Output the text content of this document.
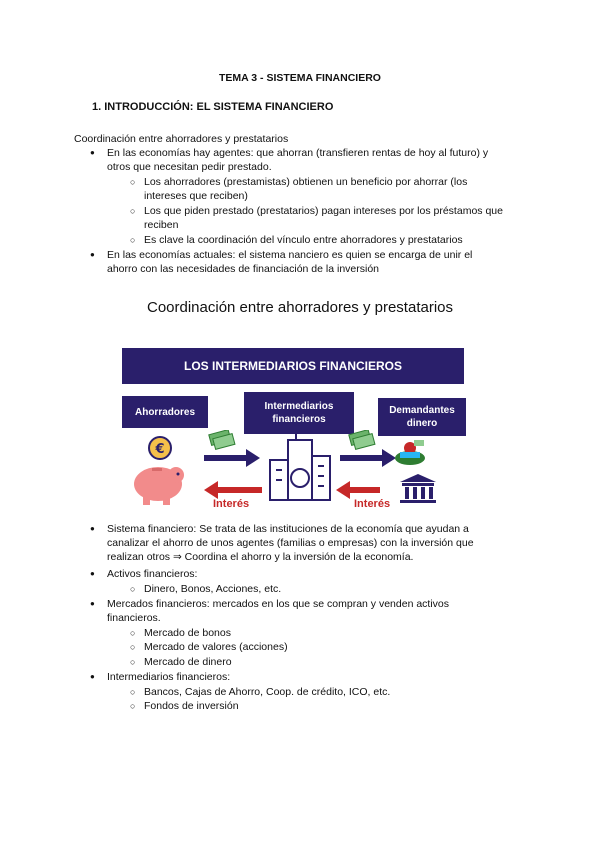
TEMA 3 - SISTEMA FINANCIERO
1. INTRODUCCIÓN: EL SISTEMA FINANCIERO
Coordinación entre ahorradores y prestatarios
● En las economías hay agentes: que ahorran (transfieren rentas de hoy al futuro) y
otros que necesitan pedir prestado.
○ Los ahorradores (prestamistas) obtienen un beneficio por ahorrar (los
intereses que reciben)
○ Los que piden prestado (prestatarios) pagan intereses por los préstamos que
reciben
○ Es clave la coordinación del vínculo entre ahorradores y prestatarios
● En las economías actuales: el sistema nanciero es quien se encarga de unir el
ahorro con las necesidades de financiación de la inversión
Coordinación entre ahorradores y prestatarios
LOS INTERMEDIARIOS FINANCIEROS
Ahorradores	Intermediarios
financieros
Demandantes
dinero
€
Interés	Interés
● Sistema financiero: Se trata de las instituciones de la economía que ayudan a
canalizar el ahorro de unos agentes (familias o empresas) con la inversión que
realizan otros ⇒ Coordina el ahorro y la inversión de la economía.
● Activos financieros:
○ Dinero, Bonos, Acciones, etc.
● Mercados financieros: mercados en los que se compran y venden activos
financieros.
○ Mercado de bonos
○ Mercado de valores (acciones)
○ Mercado de dinero
● Intermediarios financieros:
○ Bancos, Cajas de Ahorro, Coop. de crédito, ICO, etc.
○ Fondos de inversión
